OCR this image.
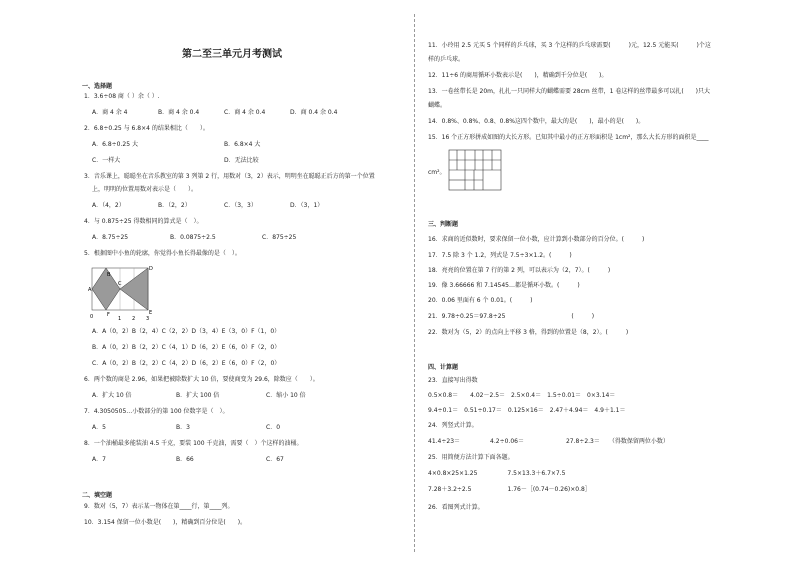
第二至三单元月考测试
一、选择题
1．3.6÷08 商（ ）余（ ）.
A．商 4 余 4	B．商 4 余 0.4	C．商 4 余 0.4	D．商 0.4 余 0.4
2．6.8÷0.25 与 6.8×4 的结果相比（　　）。
A．6.8÷0.25 大	B．6.8×4 大
C．一样大	D．无法比较
3．音乐课上，聪聪坐在音乐教室的第 3 列第 2 行，用数对（3，2）表示，明明坐在聪聪正后方的第一个位置
上，明明的位置用数对表示是（　　）。
A．（4，2）	B．（2，2）	C．（3，3）	D．（3，1）
4．与 0.875÷25 得数相同的算式是（　）。
A．8.75÷25	B．0.0875÷2.5	C．875÷25
5．根据图中小鱼的轮廓，你觉得小鱼长得最像的是（　）。
A
B
C
D
E
F
0	1 2 3
A．A（0，2）B（2，4）C（2，2）D（3，4）E（3，0）F（1，0）
B．A（0，2）B（2，2）C（4，1）D（6，2）E（6，0）F（2，0）
C．A（0，2）B（2，2）C（4，2）D（6，2）E（6，0）F（2，0）
6．两个数的商是 2.96，如果把被除数扩大 10 倍，要使商变为 29.6，除数应（　　）。
A．扩大 10 倍	B．扩大 100 倍	C．缩小 10 倍
7．4.3050505…小数部分的第 100 位数字是（　）。
A．5	B．3	C．0
8．一个油桶最多能装油 4.5 千克，要装 100 千克油，需要（　）个这样的油桶。
A．7	B．66	C．67
二、填空题
9．数对（5，7）表示某一物体在第____行，第____列。
10．3.154 保留一位小数是(　　)，精确到百分位是(　　)。
11．小玲用 2.5 元买 5 个同样的乒乓球，买 3 个这样的乒乓球需要(　　　)元，12.5 元能买(　　　)个这
样的乒乓球。
12．11÷6 的商用循环小数表示是(　　)，精确到千分位是(　　)。
13．一卷丝带长是 20m，扎扎一只同样大的蝴蝶需要 28cm 丝带，1 卷这样的丝带最多可以扎(　　)只大
蝴蝶。
14．0.8%、0.8%、0.8、0.8%这四个数中，最大的是(　　)，最小的是(　　)。
15．16 个正方形拼成如图的大长方形。已知其中最小的正方形面积是 1cm²，那么大长方形的面积是____
cm²。
三、判断题
16．求商的近似数时，要求保留一位小数，应计算到小数部分的百分位。(　　　)
17．7.5 除 3 个 1.2，列式是 7.5÷3×1.2。(　　　)
18．亮亮的位置在第 7 行的第 2 列，可以表示为（2，7）。(　　　)
19．像 3.66666 和 7.14545…都是循环小数。(　　　)
20．0.06 里面有 6 个 0.01。(　　　)
21．9.78÷0.25＝97.8÷25　　　　　　　　　　　(　　　)
22．数对为（5，2）的点向上平移 3 格，得到的位置是（8，2）。(　　　)
四、计算题
23．直接写出得数
0.5×0.8＝　　4.02－2.5＝　2.5×0.4＝　1.5÷0.01＝　0×3.14＝
9.4÷0.1＝　0.51÷0.17＝　0.125×16＝　2.47＋4.94＝　4.9＋1.1＝
24．列竖式计算。
41.4÷23＝　　　　　4.2÷0.06＝　　　　　　　27.8÷2.3＝　　（得数保留两位小数）
25．用简便方法计算下面各题。
4×0.8×25×1.25　　　　　7.5×13.3＋6.7×7.5
7.28＋3.2÷2.5　　　　　　1.76－［(0.74－0.26)×0.8］
26．看图列式计算。
